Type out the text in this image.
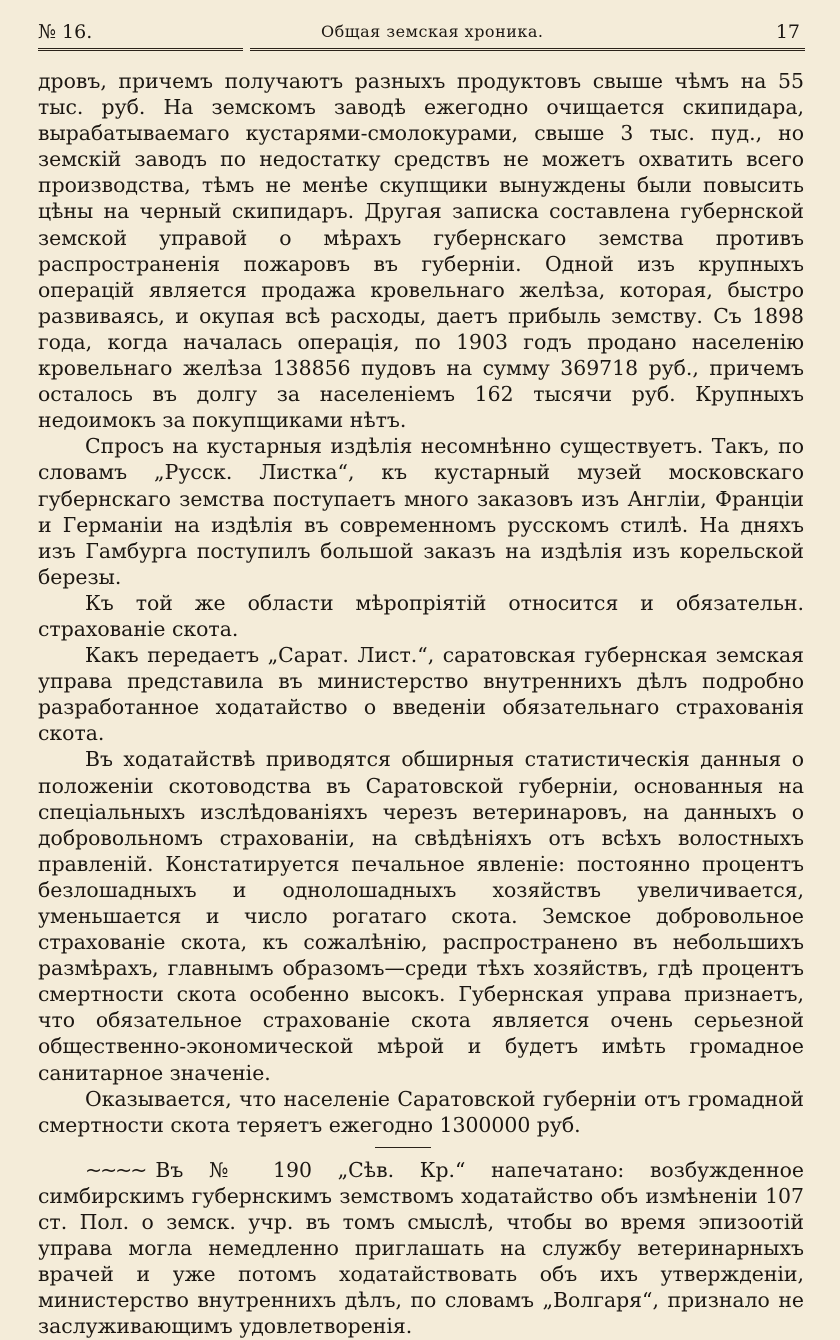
№ 16.	Общая земская хроника.	17

дровъ, причемъ получаютъ разныхъ продуктовъ свыше чѣмъ на 55 тыс. руб. На земскомъ заводѣ ежегодно очищается скипидара, вырабатываемаго кустарями-смолокурами, свыше 3 тыс. пуд., но земскій заводъ по недостатку средствъ не можетъ охватить всего производства, тѣмъ не менѣе скупщики вынуждены были повысить цѣны на черный скипидаръ. Другая записка составлена губернской земской управой о мѣрахъ губернскаго земства противъ распространенія пожаровъ въ губерніи. Одной изъ крупныхъ операцій является продажа кровельнаго желѣза, которая, быстро развиваясь, и окупая всѣ расходы, даетъ прибыль земству. Съ 1898 года, когда началась операція, по 1903 годъ продано населенію кровельнаго желѣза 138856 пудовъ на сумму 369718 руб., причемъ осталось въ долгу за населеніемъ 162 тысячи руб. Крупныхъ недоимокъ за покупщиками нѣтъ.

Спросъ на кустарныя издѣлія несомнѣнно существуетъ. Такъ, по словамъ „Русск. Листка“, къ кустарный музей московскаго губернскаго земства поступаетъ много заказовъ изъ Англіи, Франціи и Германіи на издѣлія въ современномъ русскомъ стилѣ. На дняхъ изъ Гамбурга поступилъ большой заказъ на издѣлія изъ корельской березы.

Къ той же области мѣропріятій относится и обязательн. страхованіе скота.

Какъ передаетъ „Сарат. Лист.“, саратовская губернская земская управа представила въ министерство внутреннихъ дѣлъ подробно разработанное ходатайство о введеніи обязательнаго страхованія скота.

Въ ходатайствѣ приводятся обширныя статистическія данныя о положеніи скотоводства въ Саратовской губерніи, основанныя на спеціальныхъ изслѣдованіяхъ черезъ ветеринаровъ, на данныхъ о добровольномъ страхованіи, на свѣдѣніяхъ отъ всѣхъ волостныхъ правленій. Констатируется печальное явленіе: постоянно процентъ безлошадныхъ и однолошадныхъ хозяйствъ увеличивается, уменьшается и число рогатаго скота. Земское добровольное страхованіе скота, къ сожалѣнію, распространено въ небольшихъ размѣрахъ, главнымъ образомъ—среди тѣхъ хозяйствъ, гдѣ процентъ смертности скота особенно высокъ. Губернская управа признаетъ, что обязательное страхованіе скота является очень серьезной общественно-экономической мѣрой и будетъ имѣть громадное санитарное значеніе.

Оказывается, что населеніе Саратовской губерніи отъ громадной смертности скота теряетъ ежегодно 1300000 руб.

~~~~ Въ № 190 „Сѣв. Кр.“ напечатано: возбужденное симбирскимъ губернскимъ земствомъ ходатайство объ измѣненіи 107 ст. Пол. о земск. учр. въ томъ смыслѣ, чтобы во время эпизоотій управа могла немедленно приглашать на службу ветеринарныхъ врачей и уже потомъ ходатайствовать объ ихъ утвержденіи, министерство внутреннихъ дѣлъ, по словамъ „Волгаря“, признало не заслуживающимъ удовлетворенія.
